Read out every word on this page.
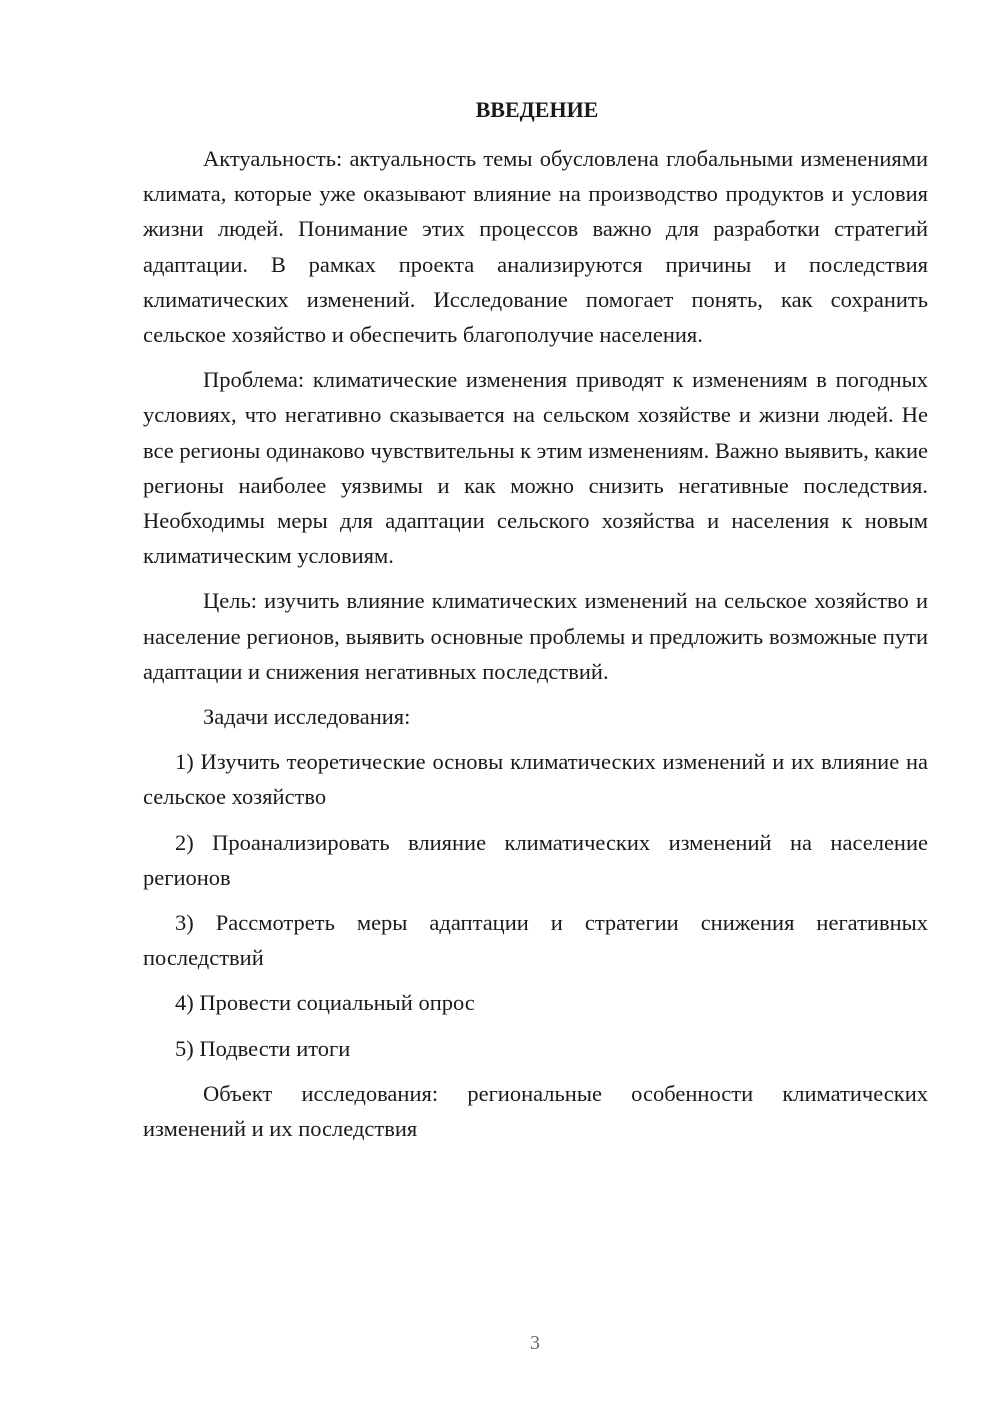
ВВЕДЕНИЕ

Актуальность: актуальность темы обусловлена глобальными изменениями климата, которые уже оказывают влияние на производство продуктов и условия жизни людей. Понимание этих процессов важно для разработки стратегий адаптации. В рамках проекта анализируются причины и последствия климатических изменений. Исследование помогает понять, как сохранить сельское хозяйство и обеспечить благополучие населения.

Проблема: климатические изменения приводят к изменениям в погодных условиях, что негативно сказывается на сельском хозяйстве и жизни людей. Не все регионы одинаково чувствительны к этим изменениям. Важно выявить, какие регионы наиболее уязвимы и как можно снизить негативные последствия. Необходимы меры для адаптации сельского хозяйства и населения к новым климатическим условиям.

Цель: изучить влияние климатических изменений на сельское хозяйство и население регионов, выявить основные проблемы и предложить возможные пути адаптации и снижения негативных последствий.

Задачи исследования:

1) Изучить теоретические основы климатических изменений и их влияние на сельское хозяйство

2) Проанализировать влияние климатических изменений на население регионов

3) Рассмотреть меры адаптации и стратегии снижения негативных последствий

4) Провести социальный опрос

5) Подвести итоги

Объект исследования: региональные особенности климатических изменений и их последствия

3
